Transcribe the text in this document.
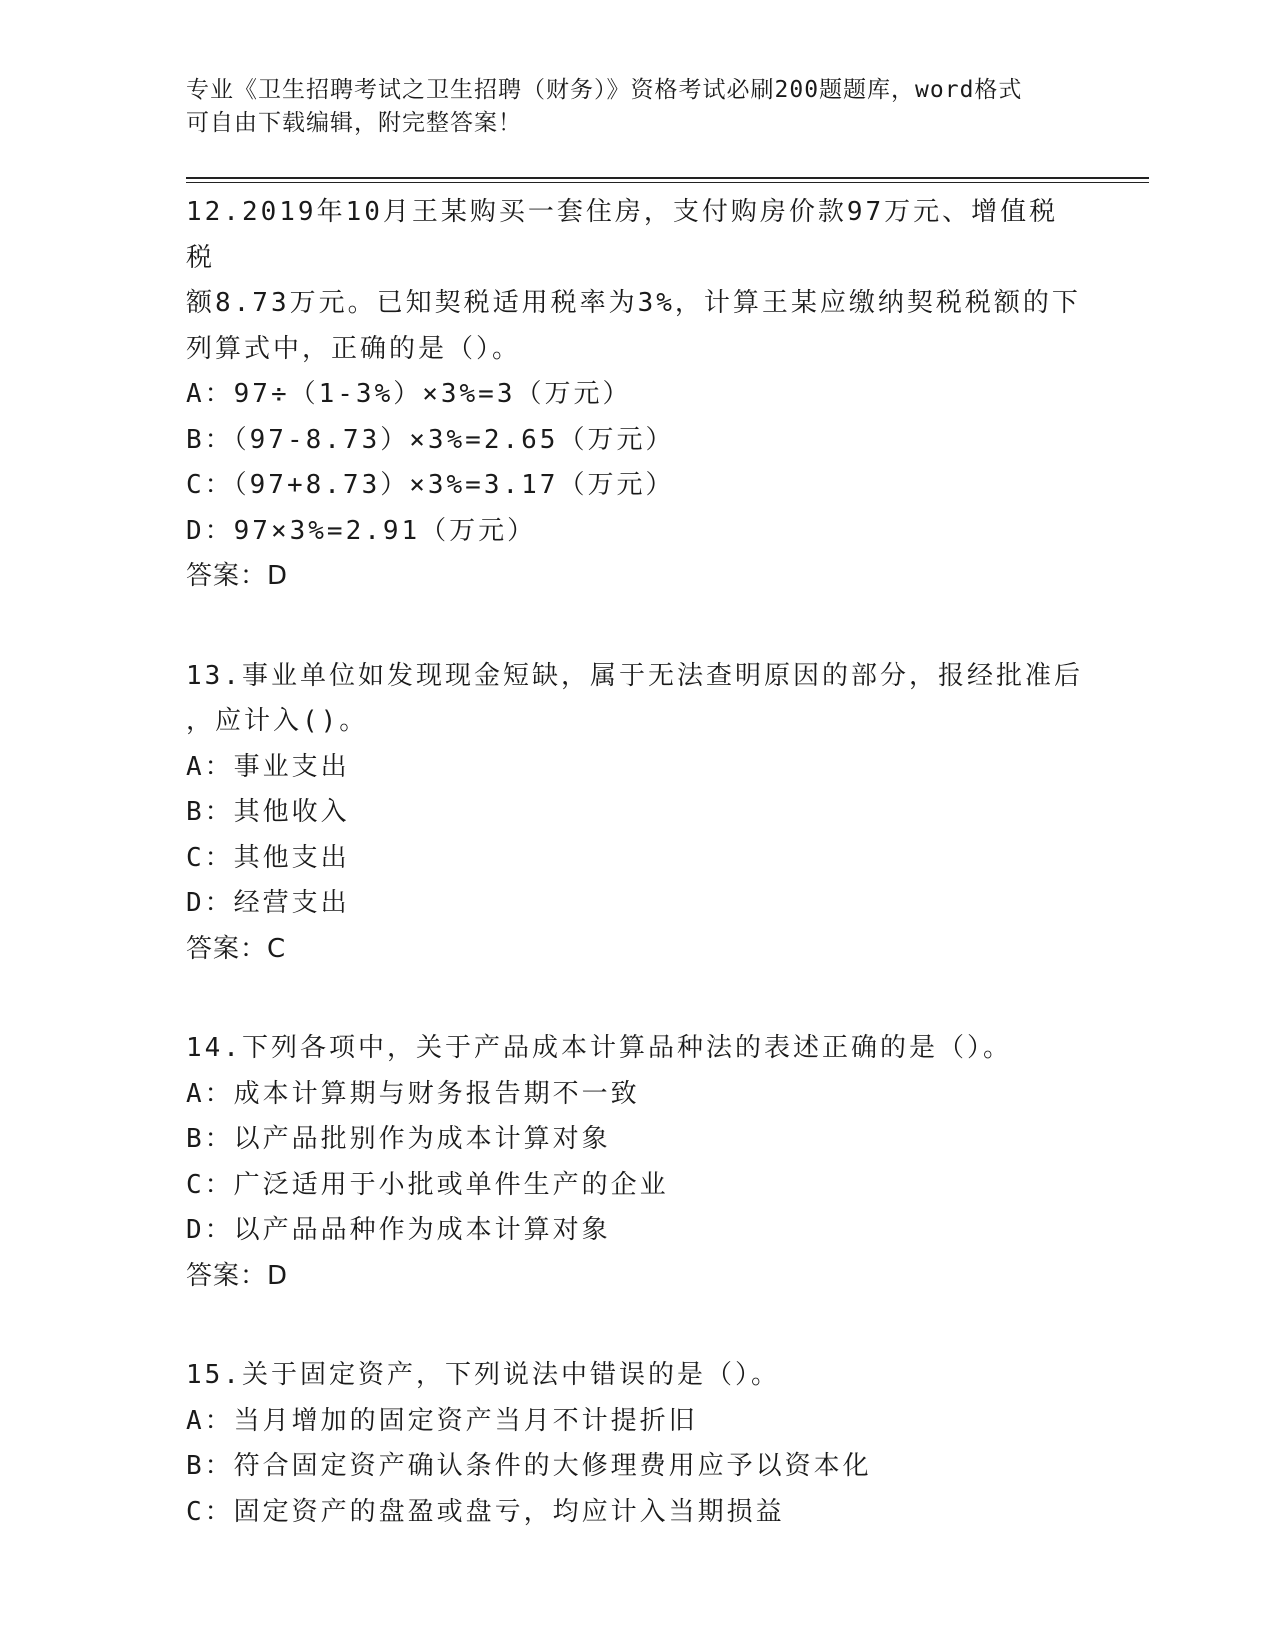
专业《卫生招聘考试之卫生招聘（财务）》资格考试必刷200题题库，word格式
可自由下载编辑，附完整答案！
12.2019年10月王某购买一套住房，支付购房价款97万元、增值税税
额8.73万元。已知契税适用税率为3%，计算王某应缴纳契税税额的下
列算式中，正确的是（）。
A：97÷（1-3%）×3%=3（万元）
B：（97-8.73）×3%=2.65（万元）
C：（97+8.73）×3%=3.17（万元）
D：97×3%=2.91（万元）
答案：D
13.事业单位如发现现金短缺，属于无法查明原因的部分，报经批准后
，应计入()。
A：事业支出
B：其他收入
C：其他支出
D：经营支出
答案：C
14.下列各项中，关于产品成本计算品种法的表述正确的是（）。
A：成本计算期与财务报告期不一致
B：以产品批别作为成本计算对象
C：广泛适用于小批或单件生产的企业
D：以产品品种作为成本计算对象
答案：D
15.关于固定资产，下列说法中错误的是（）。
A：当月增加的固定资产当月不计提折旧
B：符合固定资产确认条件的大修理费用应予以资本化
C：固定资产的盘盈或盘亏，均应计入当期损益
